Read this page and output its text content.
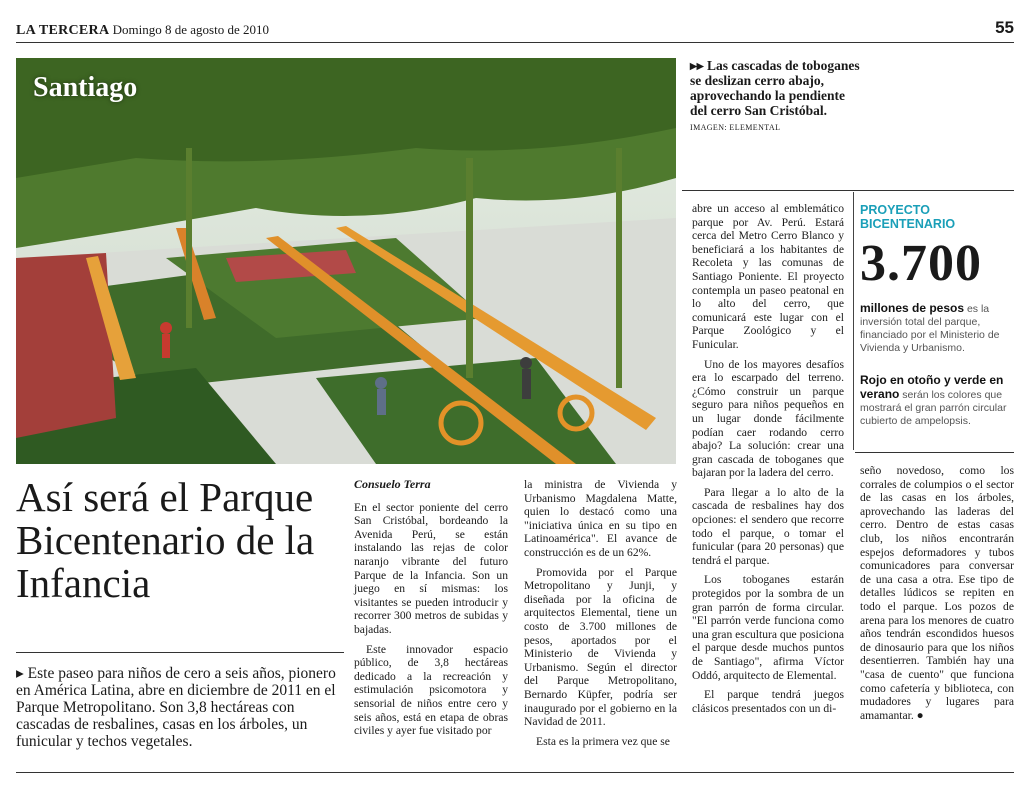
LA TERCERA Domingo 8 de agosto de 2010	55
Santiago
▸▸ Las cascadas de toboganes se deslizan cerro abajo, aprovechando la pendiente del cerro San Cristóbal. IMAGEN: ELEMENTAL
Así será el Parque Bicentenario de la Infancia
▸ Este paseo para niños de cero a seis años, pionero en América Latina, abre en diciembre de 2011 en el Parque Metropolitano. Son 3,8 hectáreas con cascadas de resbalines, casas en los árboles, un funicular y techos vegetales.
Consuelo Terra

En el sector poniente del cerro San Cristóbal, bordeando la Avenida Perú, se están instalando las rejas de color naranjo vibrante del futuro Parque de la Infancia. Son un juego en sí mismas: los visitantes se pueden introducir y recorrer 300 metros de subidas y bajadas.

Este innovador espacio público, de 3,8 hectáreas dedicado a la recreación y estimulación psicomotora y sensorial de niños entre cero y seis años, está en etapa de obras civiles y ayer fue visitado por

la ministra de Vivienda y Urbanismo Magdalena Matte, quien lo destacó como una "iniciativa única en su tipo en Latinoamérica". El avance de construcción es de un 62%.

Promovida por el Parque Metropolitano y Junji, y diseñada por la oficina de arquitectos Elemental, tiene un costo de 3.700 millones de pesos, aportados por el Ministerio de Vivienda y Urbanismo. Según el director del Parque Metropolitano, Bernardo Küpfer, podría ser inaugurado por el gobierno en la Navidad de 2011.

Esta es la primera vez que se

abre un acceso al emblemático parque por Av. Perú. Estará cerca del Metro Cerro Blanco y beneficiará a los habitantes de Recoleta y las comunas de Santiago Poniente. El proyecto contempla un paseo peatonal en lo alto del cerro, que comunicará este lugar con el Parque Zoológico y el Funicular.

Uno de los mayores desafíos era lo escarpado del terreno. ¿Cómo construir un parque seguro para niños pequeños en un lugar donde fácilmente podían caer rodando cerro abajo? La solución: crear una gran cascada de toboganes que bajaran por la ladera del cerro.

Para llegar a lo alto de la cascada de resbalines hay dos opciones: el sendero que recorre todo el parque, o tomar el funicular (para 20 personas) que tendrá el parque.

Los toboganes estarán protegidos por la sombra de un gran parrón de forma circular. "El parrón verde funciona como una gran escultura que posiciona el parque desde muchos puntos de Santiago", afirma Víctor Oddó, arquitecto de Elemental.

El parque tendrá juegos clásicos presentados con un di-

seño novedoso, como los corrales de columpios o el sector de las casas en los árboles, aprovechando las laderas del cerro. Dentro de estas casas club, los niños encontrarán espejos deformadores y tubos comunicadores para conversar de una casa a otra. Ese tipo de detalles lúdicos se repiten en todo el parque. Los pozos de arena para los menores de cuatro años tendrán escondidos huesos de dinosaurio para que los niños desentierren. También hay una "casa de cuento" que funciona como cafetería y biblioteca, con mudadores y lugares para amamantar. ●

PROYECTO BICENTENARIO
3.700
millones de pesos es la inversión total del parque, financiado por el Ministerio de Vivienda y Urbanismo.
Rojo en otoño y verde en verano serán los colores que mostrará el gran parrón circular cubierto de ampelopsis.
